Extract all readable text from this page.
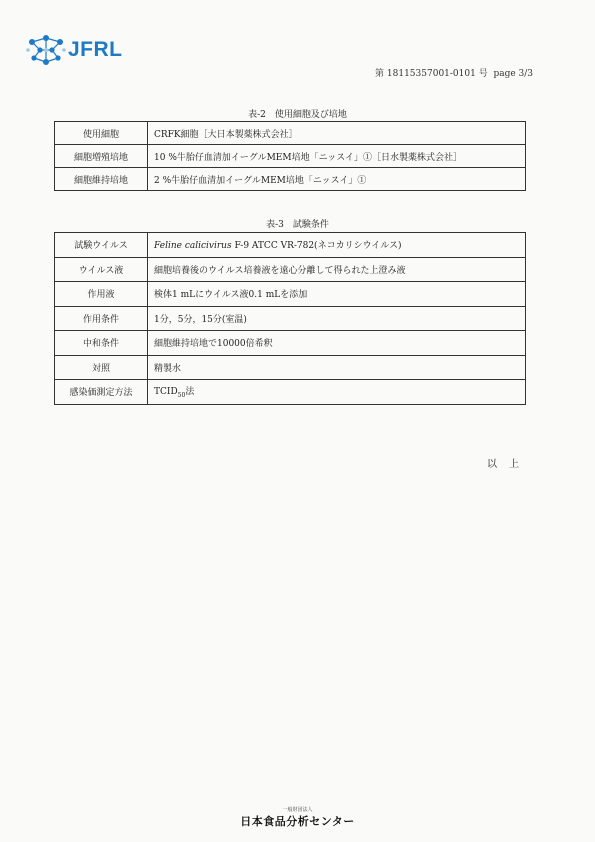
JFRL
第 18115357001-0101 号 page 3/3
表-2　使用細胞及び培地
使用細胞	CRFK細胞［大日本製薬株式会社］
細胞増殖培地	10 %牛胎仔血清加イーグルMEM培地「ニッスイ」①［日水製薬株式会社］
細胞維持培地	2 %牛胎仔血清加イーグルMEM培地「ニッスイ」①
表-3　試験条件
試験ウイルス	Feline calicivirus F-9 ATCC VR-782(ネコカリシウイルス)
ウイルス液	細胞培養後のウイルス培養液を遠心分離して得られた上澄み液
作用液	検体1 mLにウイルス液0.1 mLを添加
作用条件	1分，5分，15分(室温)
中和条件	細胞維持培地で10000倍希釈
対照	精製水
感染価測定方法	$TCID_{50}$法
以上
一般財団法人
日本食品分析センター
